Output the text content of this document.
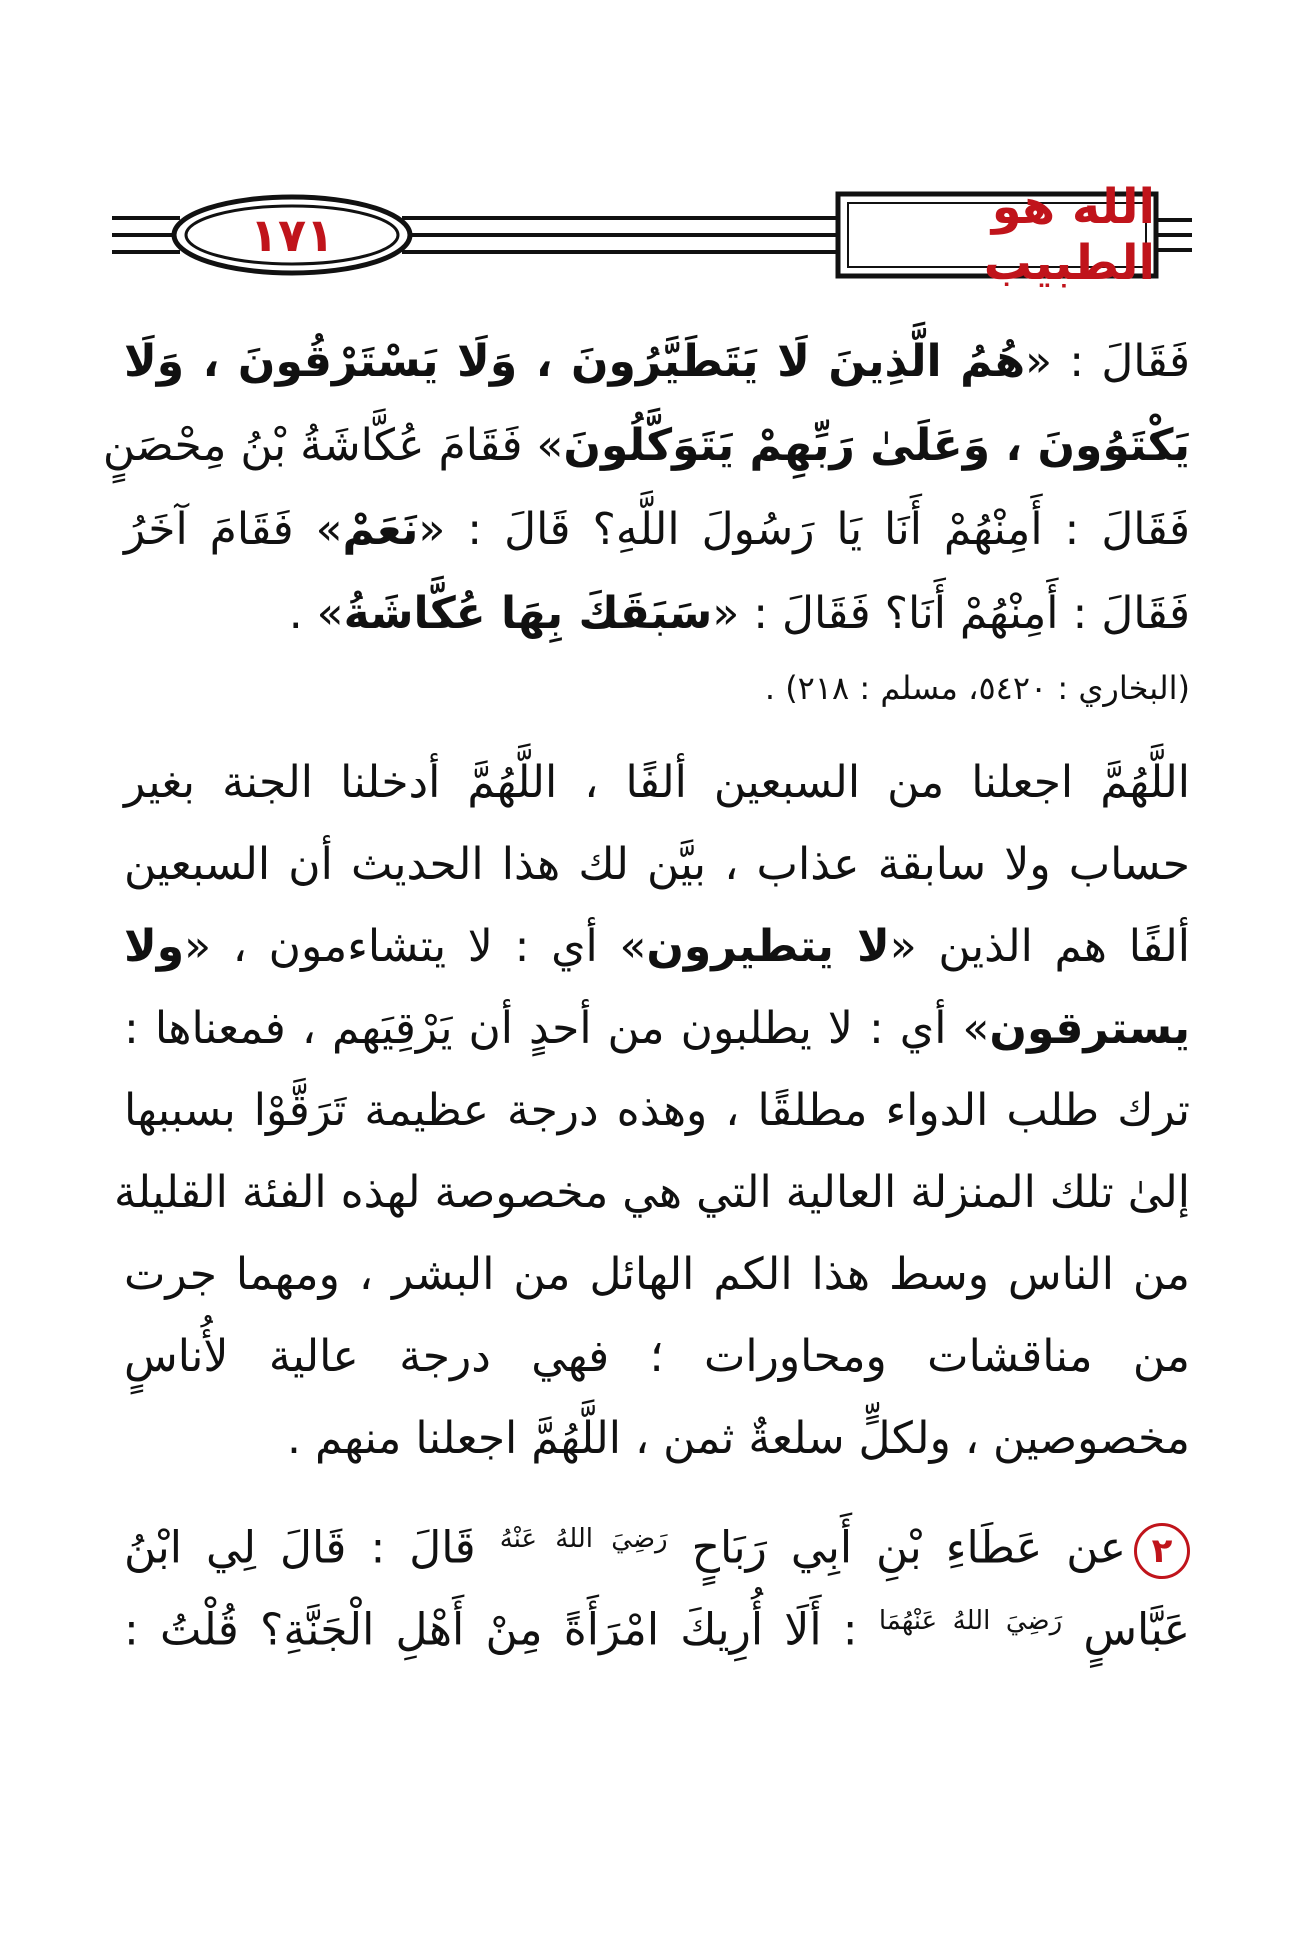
١٧١	الله هو الطبيب
فَقَالَ : «هُمُ الَّذِينَ لَا يَتَطَيَّرُونَ ، وَلَا يَسْتَرْقُونَ ، وَلَا
يَكْتَوُونَ ، وَعَلَىٰ رَبِّهِمْ يَتَوَكَّلُونَ» فَقَامَ عُكَّاشَةُ بْنُ مِحْصَنٍ
فَقَالَ : أَمِنْهُمْ أَنَا يَا رَسُولَ اللَّهِ؟ قَالَ : «نَعَمْ» فَقَامَ آخَرُ
فَقَالَ : أَمِنْهُمْ أَنَا؟ فَقَالَ : «سَبَقَكَ بِهَا عُكَّاشَةُ» .
(البخاري : ٥٤٢٠، مسلم : ٢١٨) .
اللَّهُمَّ اجعلنا من السبعين ألفًا ، اللَّهُمَّ أدخلنا الجنة بغير
حساب ولا سابقة عذاب ، بيَّن لك هذا الحديث أن السبعين
ألفًا هم الذين «لا يتطيرون» أي : لا يتشاءمون ، «ولا
يسترقون» أي : لا يطلبون من أحدٍ أن يَرْقِيَهم ، فمعناها :
ترك طلب الدواء مطلقًا ، وهذه درجة عظيمة تَرَقَّوْا بسببها
إلىٰ تلك المنزلة العالية التي هي مخصوصة لهذه الفئة القليلة
من الناس وسط هذا الكم الهائل من البشر ، ومهما جرت
من مناقشات ومحاورات ؛ فهي درجة عالية لأُناسٍ
مخصوصين ، ولكلٍّ سلعةٌ ثمن ، اللَّهُمَّ اجعلنا منهم .
٢عن عَطَاءِ بْنِ أَبِي رَبَاحٍ $^{رَضِيَ اللهُ عَنْهُ}$ قَالَ : قَالَ لِي ابْنُ
عَبَّاسٍ $^{رَضِيَ اللهُ عَنْهُمَا}$ : أَلَا أُرِيكَ امْرَأَةً مِنْ أَهْلِ الْجَنَّةِ؟ قُلْتُ :
